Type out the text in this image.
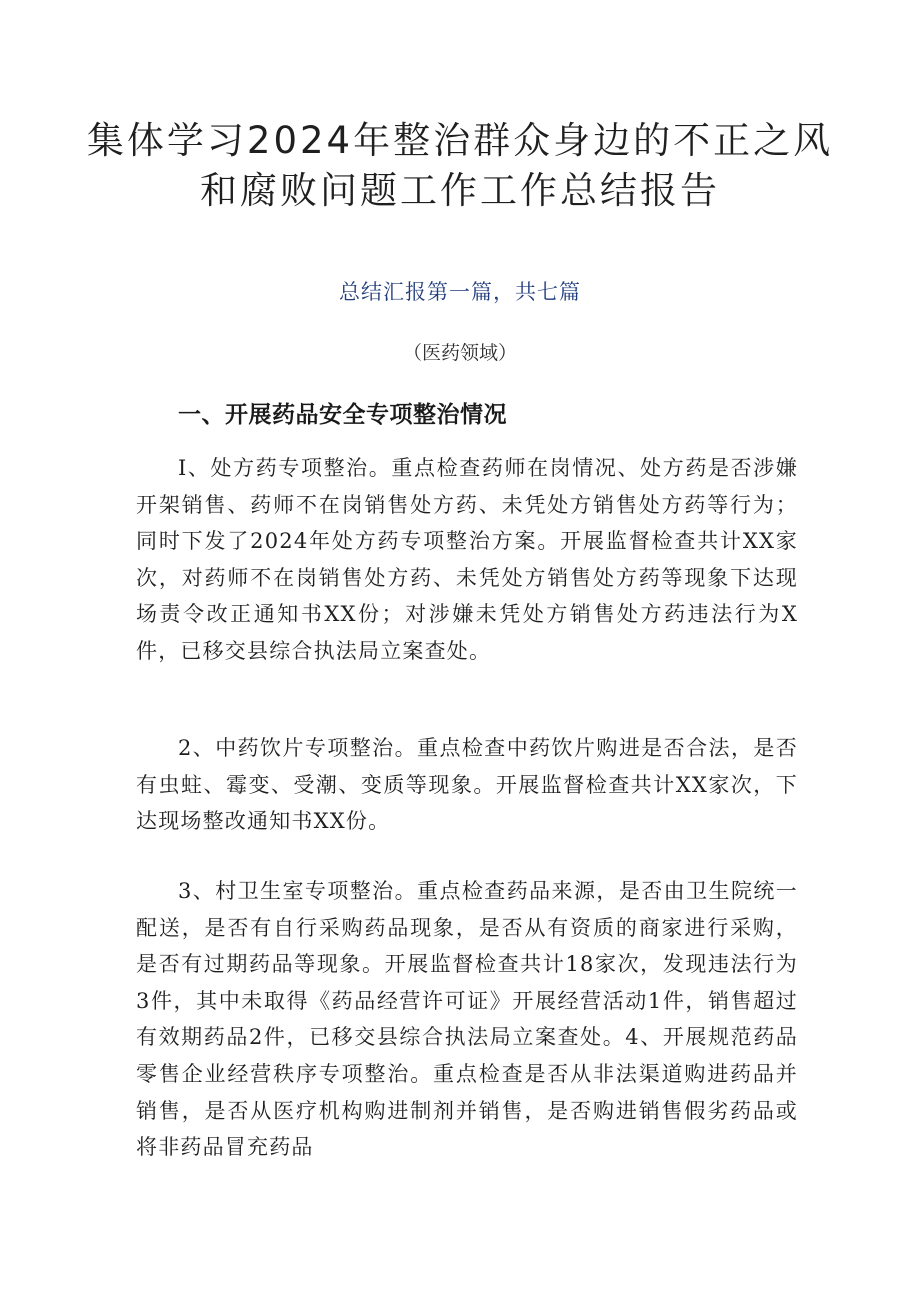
集体学习2024年整治群众身边的不正之风
和腐败问题工作工作总结报告
总结汇报第一篇，共七篇
（医药领域）
一、开展药品安全专项整治情况

I、处方药专项整治。重点检查药师在岗情况、处方药是否涉嫌开架销售、药师不在岗销售处方药、未凭处方销售处方药等行为；同时下发了2024年处方药专项整治方案。开展监督检查共计XX家次，对药师不在岗销售处方药、未凭处方销售处方药等现象下达现场责令改正通知书XX份；对涉嫌未凭处方销售处方药违法行为X件，已移交县综合执法局立案查处。

2、中药饮片专项整治。重点检查中药饮片购进是否合法，是否有虫蛀、霉变、受潮、变质等现象。开展监督检查共计XX家次，下达现场整改通知书XX份。

3、村卫生室专项整治。重点检查药品来源，是否由卫生院统一配送，是否有自行采购药品现象，是否从有资质的商家进行采购，是否有过期药品等现象。开展监督检查共计18家次，发现违法行为3件，其中未取得《药品经营许可证》开展经营活动1件，销售超过有效期药品2件，已移交县综合执法局立案查处。4、开展规范药品零售企业经营秩序专项整治。重点检查是否从非法渠道购进药品并销售，是否从医疗机构购进制剂并销售，是否购进销售假劣药品或将非药品冒充药品
